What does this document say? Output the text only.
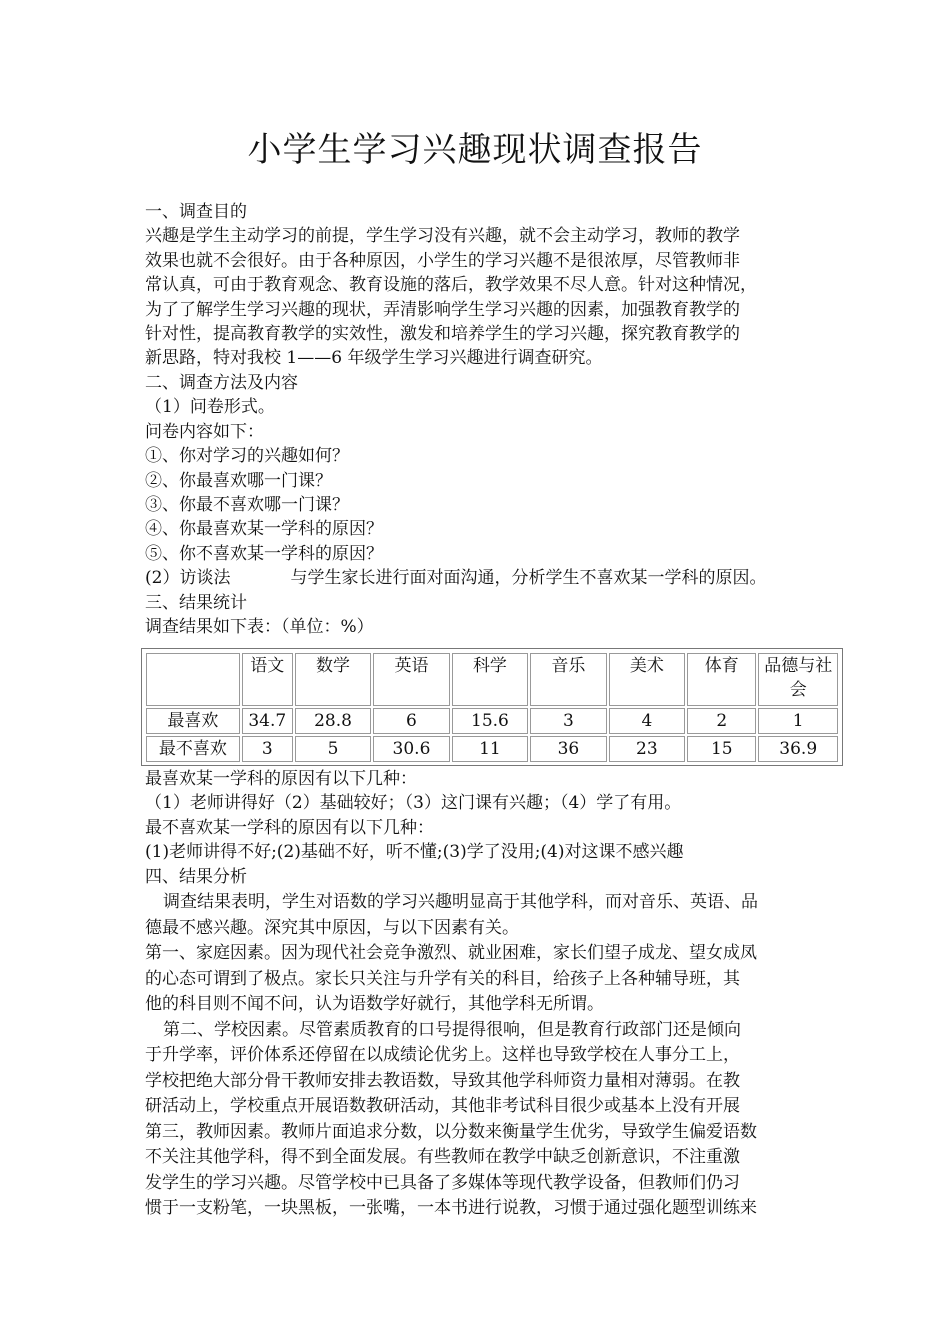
小学生学习兴趣现状调查报告
一、调查目的
兴趣是学生主动学习的前提，学生学习没有兴趣，就不会主动学习，教师的教学
效果也就不会很好。由于各种原因，小学生的学习兴趣不是很浓厚，尽管教师非
常认真，可由于教育观念、教育设施的落后，教学效果不尽人意。针对这种情况，
为了了解学生学习兴趣的现状，弄清影响学生学习兴趣的因素，加强教育教学的
针对性，提高教育教学的实效性，激发和培养学生的学习兴趣，探究教育教学的
新思路，特对我校 1——6 年级学生学习兴趣进行调查研究。
二、调查方法及内容
（1）问卷形式。
问卷内容如下：
①、你对学习的兴趣如何？
②、你最喜欢哪一门课？
③、你最不喜欢哪一门课？
④、你最喜欢某一学科的原因？
⑤、你不喜欢某一学科的原因？
(2）访谈法	与学生家长进行面对面沟通，分析学生不喜欢某一学科的原因。
三、结果统计
调查结果如下表：（单位：%）
	语文	数学	英语	科学	音乐	美术	体育	品德与社会
最喜欢	34.7	28.8	6	15.6	3	4	2	1
最不喜欢	3	5	30.6	11	36	23	15	36.9
最喜欢某一学科的原因有以下几种：
（1）老师讲得好（2）基础较好；（3）这门课有兴趣；（4）学了有用。
最不喜欢某一学科的原因有以下几种：
(1)老师讲得不好;(2)基础不好，听不懂;(3)学了没用;(4)对这课不感兴趣
四、结果分析
调查结果表明，学生对语数的学习兴趣明显高于其他学科，而对音乐、英语、品
德最不感兴趣。深究其中原因，与以下因素有关。
第一、家庭因素。因为现代社会竞争激烈、就业困难，家长们望子成龙、望女成凤
的心态可谓到了极点。家长只关注与升学有关的科目，给孩子上各种辅导班，其
他的科目则不闻不问，认为语数学好就行，其他学科无所谓。
第二、学校因素。尽管素质教育的口号提得很响，但是教育行政部门还是倾向
于升学率，评价体系还停留在以成绩论优劣上。这样也导致学校在人事分工上，
学校把绝大部分骨干教师安排去教语数，导致其他学科师资力量相对薄弱。在教
研活动上，学校重点开展语数教研活动，其他非考试科目很少或基本上没有开展
第三，教师因素。教师片面追求分数，以分数来衡量学生优劣，导致学生偏爱语数
不关注其他学科，得不到全面发展。有些教师在教学中缺乏创新意识，不注重激
发学生的学习兴趣。尽管学校中已具备了多媒体等现代教学设备，但教师们仍习
惯于一支粉笔，一块黑板，一张嘴，一本书进行说教，习惯于通过强化题型训练来
